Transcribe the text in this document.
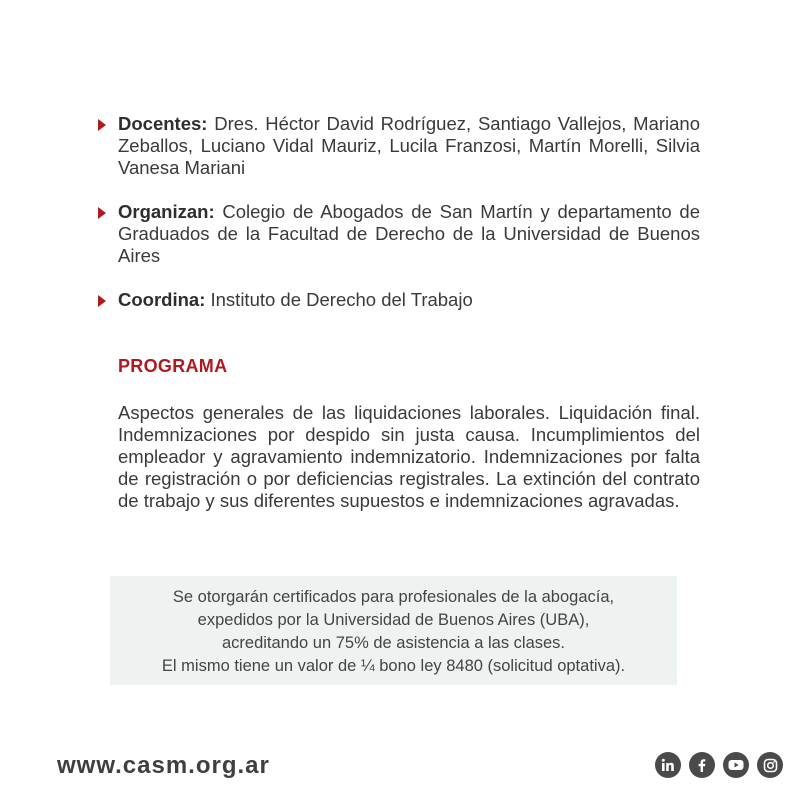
Docentes: Dres. Héctor David Rodríguez, Santiago Vallejos, Mariano Zeballos, Luciano Vidal Mauriz, Lucila Franzosi, Martín Morelli, Silvia Vanesa Mariani

Organizan: Colegio de Abogados de San Martín y departamento de Graduados de la Facultad de Derecho de la Universidad de Buenos Aires

Coordina: Instituto de Derecho del Trabajo

PROGRAMA

Aspectos generales de las liquidaciones laborales. Liquidación final. Indemnizaciones por despido sin justa causa. Incumplimientos del empleador y agravamiento indemnizatorio. Indemnizaciones por falta de registración o por deficiencias registrales. La extinción del contrato de trabajo y sus diferentes supuestos e indemnizaciones agravadas.

Se otorgarán certificados para profesionales de la abogacía,
expedidos por la Universidad de Buenos Aires (UBA),
acreditando un 75% de asistencia a las clases.
El mismo tiene un valor de ¼ bono ley 8480 (solicitud optativa).
www.casm.org.ar
